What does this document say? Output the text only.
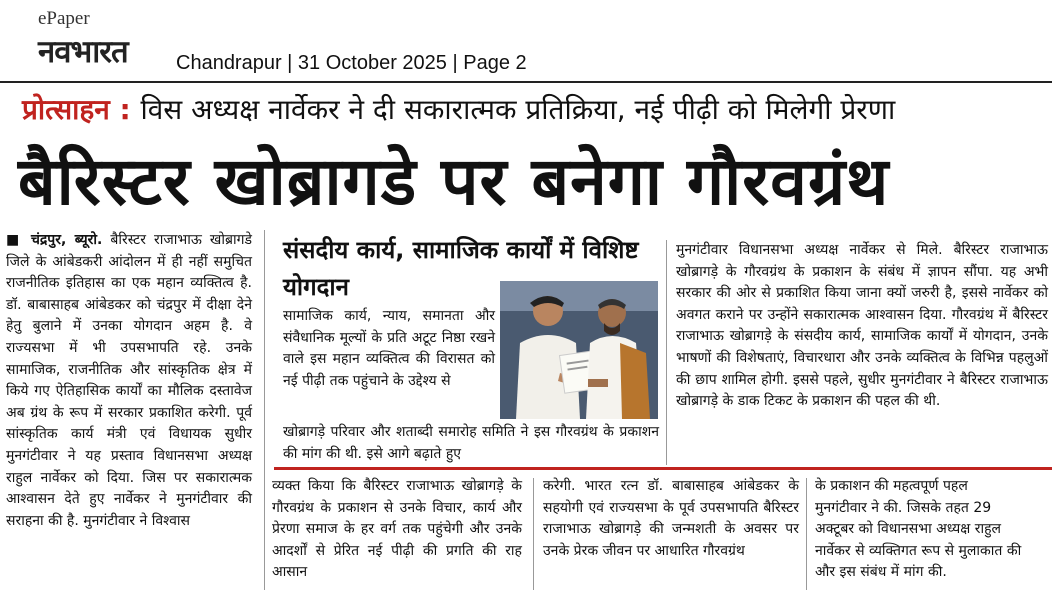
ePaper
नवभारत Chandrapur | 31 October 2025 | Page 2
प्रोत्साहन : विस अध्यक्ष नार्वेकर ने दी सकारात्मक प्रतिक्रिया, नई पीढ़ी को मिलेगी प्रेरणा
बैरिस्टर खोब्रागडे पर बनेगा गौरवग्रंथ
■ चंद्रपुर, ब्यूरो. बैरिस्टर राजाभाऊ खोब्रागडे जिले के आंबेडकरी आंदोलन में ही नहीं समुचित राजनीतिक इतिहास का एक महान व्यक्तित्व है. डॉ. बाबासाहब आंबेडकर को चंद्रपुर में दीक्षा देने हेतु बुलाने में उनका योगदान अहम है. वे राज्यसभा में भी उपसभापति रहे. उनके सामाजिक, राजनीतिक और सांस्कृतिक क्षेत्र में किये गए ऐतिहासिक कार्यों का मौलिक दस्तावेज अब ग्रंथ के रूप में सरकार प्रकाशित करेगी. पूर्व सांस्कृतिक कार्य मंत्री एवं विधायक सुधीर मुनगंटीवार ने यह प्रस्ताव विधानसभा अध्यक्ष राहुल नार्वेकर को दिया. जिस पर सकारात्मक आश्वासन देते हुए नार्वेकर ने मुनगंटीवार की सराहना की है. मुनगंटीवार ने विश्वास
संसदीय कार्य, सामाजिक कार्यों में विशिष्ट योगदान
सामाजिक कार्य, न्याय, समानता और संवैधानिक मूल्यों के प्रति अटूट निष्ठा रखने वाले इस महान व्यक्तित्व की विरासत को नई पीढ़ी तक पहुंचाने के उद्देश्य से
खोब्रागड़े परिवार और शताब्दी समारोह समिति ने इस गौरवग्रंथ के प्रकाशन की मांग की थी. इसे आगे बढ़ाते हुए
मुनगंटीवार विधानसभा अध्यक्ष नार्वेकर से मिले. बैरिस्टर राजाभाऊ खोब्रागड़े के गौरवग्रंथ के प्रकाशन के संबंध में ज्ञापन सौंपा. यह अभी सरकार की ओर से प्रकाशित किया जाना क्यों जरुरी है, इससे नार्वेकर को अवगत कराने पर उन्होंने सकारात्मक आश्वासन दिया. गौरवग्रंथ में बैरिस्टर राजाभाऊ खोब्रागड़े के संसदीय कार्य, सामाजिक कार्यों में योगदान, उनके भाषणों की विशेषताएं, विचारधारा और उनके व्यक्तित्व के विभिन्न पहलुओं की छाप शामिल होगी. इससे पहले, सुधीर मुनगंटीवार ने बैरिस्टर राजाभाऊ खोब्रागड़े के डाक टिकट के प्रकाशन की पहल की थी.
व्यक्त किया कि बैरिस्टर राजाभाऊ खोब्रागड़े के गौरवग्रंथ के प्रकाशन से उनके विचार, कार्य और प्रेरणा समाज के हर वर्ग तक पहुंचेगी और उनके आदर्शों से प्रेरित नई पीढ़ी की प्रगति की राह आसान
करेगी. भारत रत्न डॉ. बाबासाहब आंबेडकर के सहयोगी एवं राज्यसभा के पूर्व उपसभापति बैरिस्टर राजाभाऊ खोब्रागड़े की जन्मशती के अवसर पर उनके प्रेरक जीवन पर आधारित गौरवग्रंथ
के प्रकाशन की महत्वपूर्ण पहल
मुनगंटीवार ने की. जिसके तहत 29
अक्टूबर को विधानसभा अध्यक्ष राहुल
नार्वेकर से व्यक्तिगत रूप से मुलाकात की
और इस संबंध में मांग की.
